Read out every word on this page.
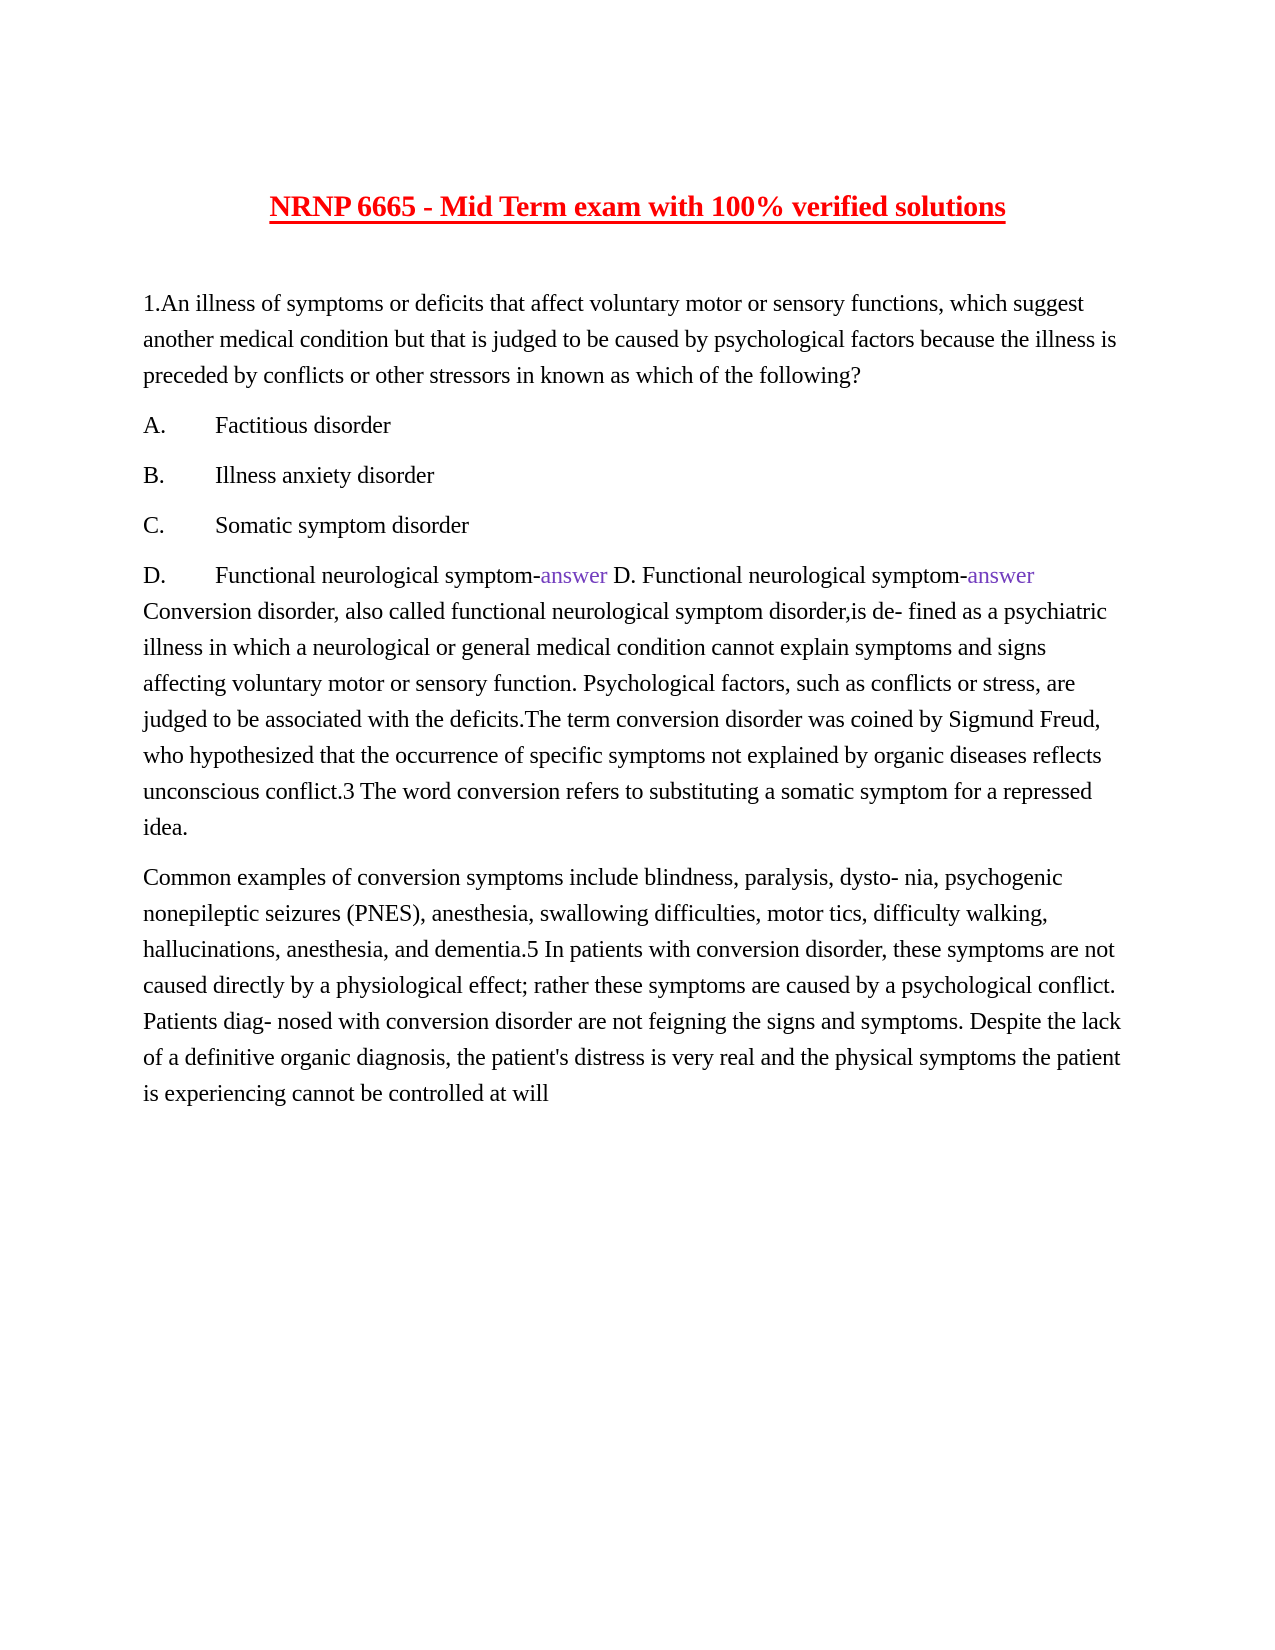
NRNP 6665 - Mid Term exam with 100% verified solutions

1.An illness of symptoms or deficits that affect voluntary motor or sensory functions, which suggest another medical condition but that is judged to be caused by psychological factors because the illness is preceded by conflicts or other stressors in known as which of the following?

A. Factitious disorder

B. Illness anxiety disorder

C. Somatic symptom disorder

D. Functional neurological symptom-answer D. Functional neurological symptom-answer Conversion disorder, also called functional neurological symptom disorder,is de- fined as a psychiatric illness in which a neurological or general medical condition cannot explain symptoms and signs affecting voluntary motor or sensory function. Psychological factors, such as conflicts or stress, are judged to be associated with the deficits.The term conversion disorder was coined by Sigmund Freud, who hypothesized that the occurrence of specific symptoms not explained by organic diseases reflects unconscious conflict.3 The word conversion refers to substituting a somatic symptom for a repressed idea.

Common examples of conversion symptoms include blindness, paralysis, dysto- nia, psychogenic nonepileptic seizures (PNES), anesthesia, swallowing difficulties, motor tics, difficulty walking, hallucinations, anesthesia, and dementia.5 In patients with conversion disorder, these symptoms are not caused directly by a physiological effect; rather these symptoms are caused by a psychological conflict. Patients diag- nosed with conversion disorder are not feigning the signs and symptoms. Despite the lack of a definitive organic diagnosis, the patient's distress is very real and the physical symptoms the patient is experiencing cannot be controlled at will
